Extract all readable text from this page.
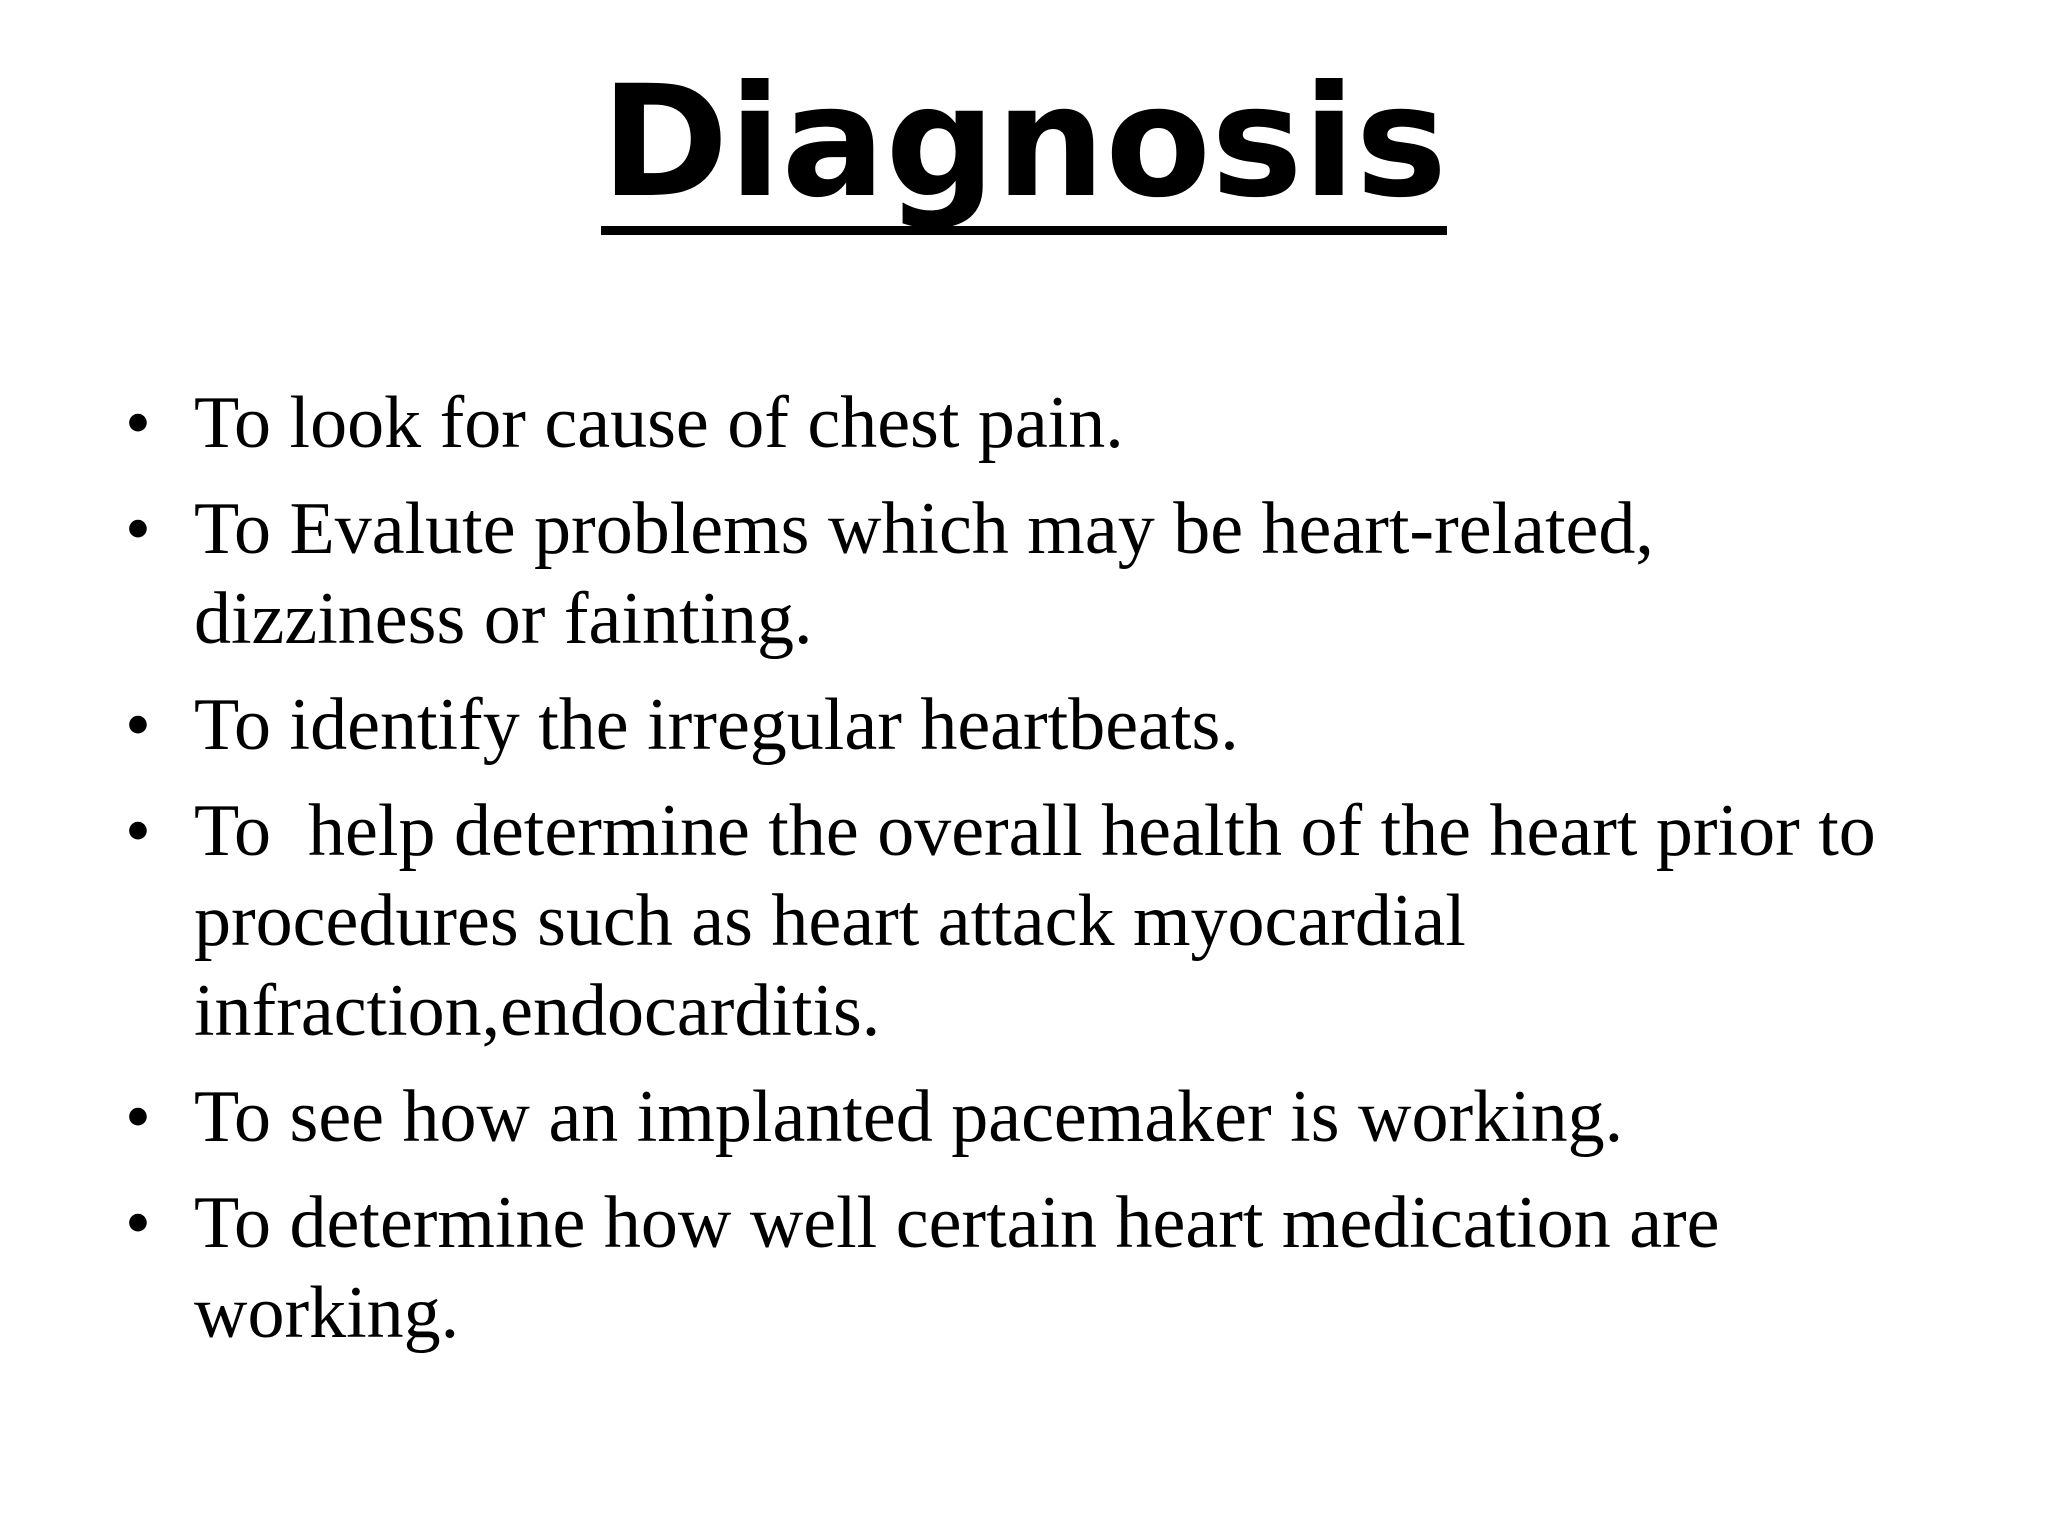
Diagnosis
• To look for cause of chest pain.
• To Evalute problems which may be heart-related, dizziness or fainting.
• To identify the irregular heartbeats.
• To  help determine the overall health of the heart prior to procedures such as heart attack myocardial infraction,endocarditis.
• To see how an implanted pacemaker is working.
• To determine how well certain heart medication are working.
